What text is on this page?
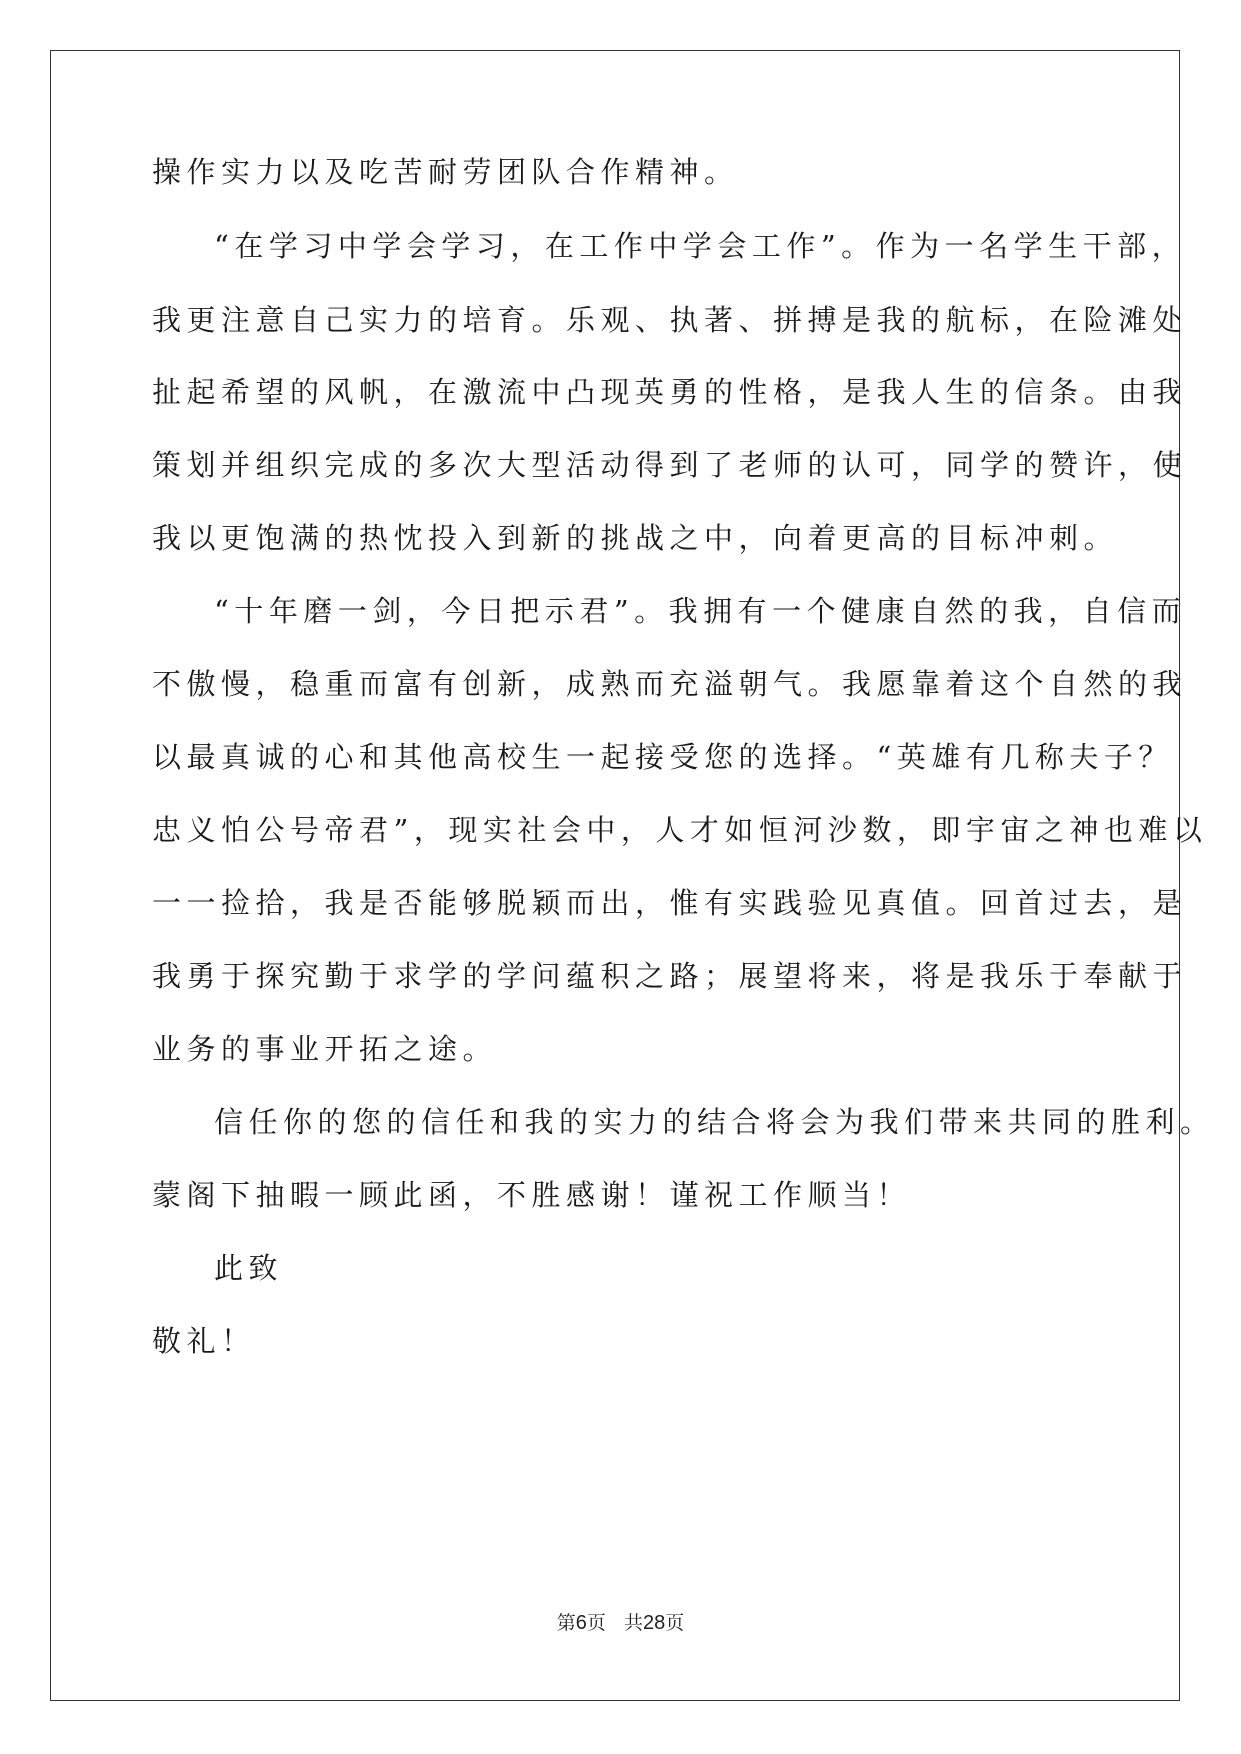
操作实力以及吃苦耐劳团队合作精神。
“在学习中学会学习，在工作中学会工作”。作为一名学生干部，
我更注意自己实力的培育。乐观、执著、拼搏是我的航标，在险滩处
扯起希望的风帆，在激流中凸现英勇的性格，是我人生的信条。由我
策划并组织完成的多次大型活动得到了老师的认可，同学的赞许，使
我以更饱满的热忱投入到新的挑战之中，向着更高的目标冲刺。
“十年磨一剑，今日把示君”。我拥有一个健康自然的我，自信而
不傲慢，稳重而富有创新，成熟而充溢朝气。我愿靠着这个自然的我
以最真诚的心和其他高校生一起接受您的选择。“英雄有几称夫子？
忠义怕公号帝君”，现实社会中，人才如恒河沙数，即宇宙之神也难以
一一捡拾，我是否能够脱颖而出，惟有实践验见真值。回首过去，是
我勇于探究勤于求学的学问蕴积之路；展望将来，将是我乐于奉献于
业务的事业开拓之途。
信任你的您的信任和我的实力的结合将会为我们带来共同的胜利。
蒙阁下抽暇一顾此函，不胜感谢！谨祝工作顺当！
此致
敬礼！
第6页 共28页
